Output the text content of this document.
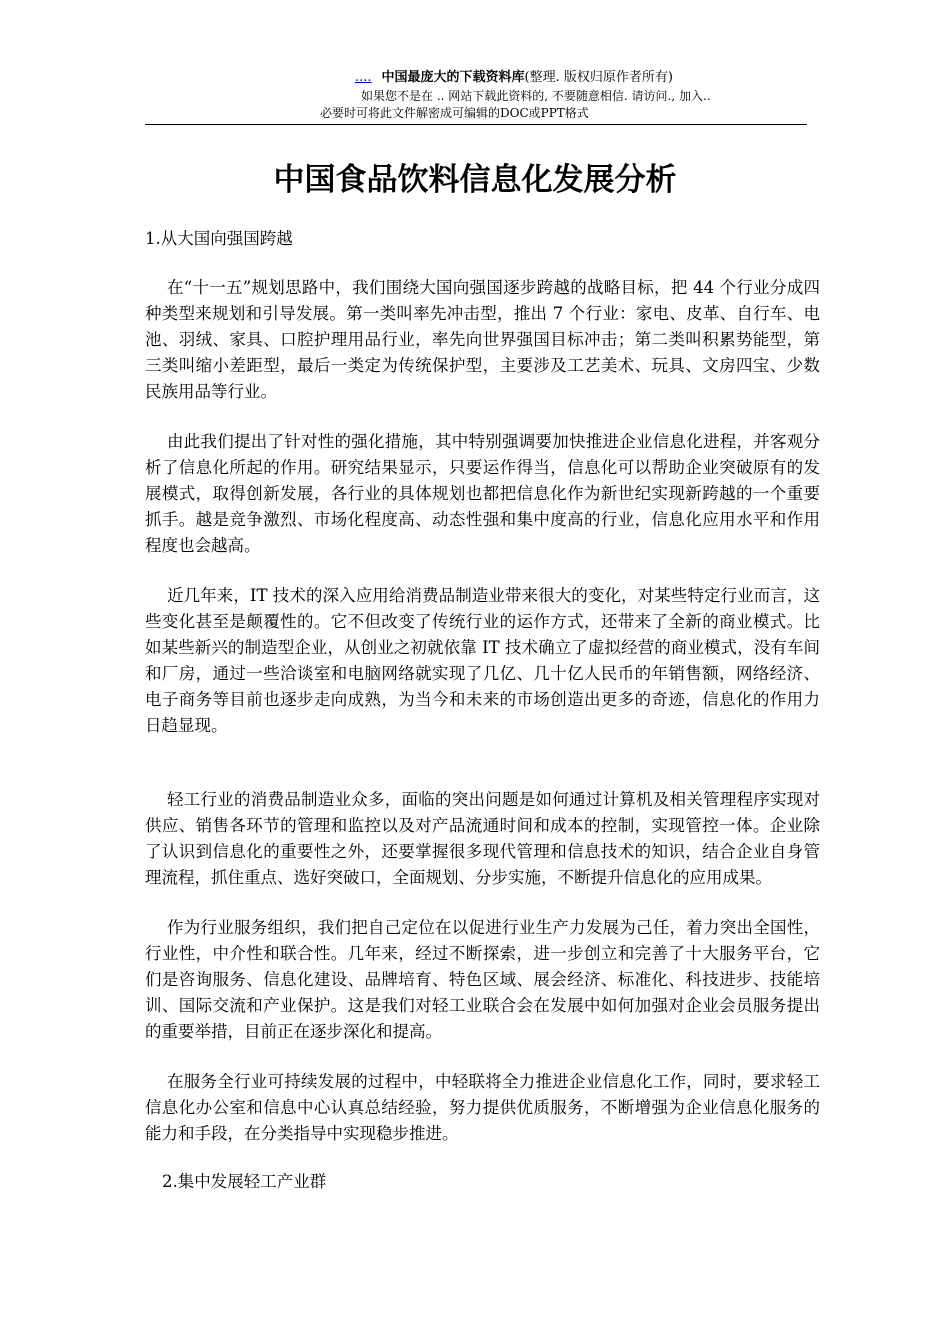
.... 中国最庞大的下载资料库(整理. 版权归原作者所有)
如果您不是在 .. 网站下载此资料的, 不要随意相信. 请访问., 加入..
必要时可将此文件解密成可编辑的DOC或PPT格式
中国食品饮料信息化发展分析

1.从大国向强国跨越

在“十一五”规划思路中，我们围绕大国向强国逐步跨越的战略目标，把 44 个行业分成四种类型来规划和引导发展。第一类叫率先冲击型，推出 7 个行业：家电、皮革、自行车、电池、羽绒、家具、口腔护理用品行业，率先向世界强国目标冲击；第二类叫积累势能型，第三类叫缩小差距型，最后一类定为传统保护型，主要涉及工艺美术、玩具、文房四宝、少数民族用品等行业。

由此我们提出了针对性的强化措施，其中特别强调要加快推进企业信息化进程，并客观分析了信息化所起的作用。研究结果显示，只要运作得当，信息化可以帮助企业突破原有的发展模式，取得创新发展，各行业的具体规划也都把信息化作为新世纪实现新跨越的一个重要抓手。越是竞争激烈、市场化程度高、动态性强和集中度高的行业，信息化应用水平和作用程度也会越高。

近几年来，IT 技术的深入应用给消费品制造业带来很大的变化，对某些特定行业而言，这些变化甚至是颠覆性的。它不但改变了传统行业的运作方式，还带来了全新的商业模式。比如某些新兴的制造型企业，从创业之初就依靠 IT 技术确立了虚拟经营的商业模式，没有车间和厂房，通过一些洽谈室和电脑网络就实现了几亿、几十亿人民币的年销售额，网络经济、电子商务等目前也逐步走向成熟，为当今和未来的市场创造出更多的奇迹，信息化的作用力日趋显现。

轻工行业的消费品制造业众多，面临的突出问题是如何通过计算机及相关管理程序实现对供应、销售各环节的管理和监控以及对产品流通时间和成本的控制，实现管控一体。企业除了认识到信息化的重要性之外，还要掌握很多现代管理和信息技术的知识，结合企业自身管理流程，抓住重点、选好突破口，全面规划、分步实施，不断提升信息化的应用成果。

作为行业服务组织，我们把自己定位在以促进行业生产力发展为己任，着力突出全国性，行业性，中介性和联合性。几年来，经过不断探索，进一步创立和完善了十大服务平台，它们是咨询服务、信息化建设、品牌培育、特色区域、展会经济、标准化、科技进步、技能培训、国际交流和产业保护。这是我们对轻工业联合会在发展中如何加强对企业会员服务提出的重要举措，目前正在逐步深化和提高。

在服务全行业可持续发展的过程中，中轻联将全力推进企业信息化工作，同时，要求轻工信息化办公室和信息中心认真总结经验，努力提供优质服务，不断增强为企业信息化服务的能力和手段，在分类指导中实现稳步推进。

2.集中发展轻工产业群
